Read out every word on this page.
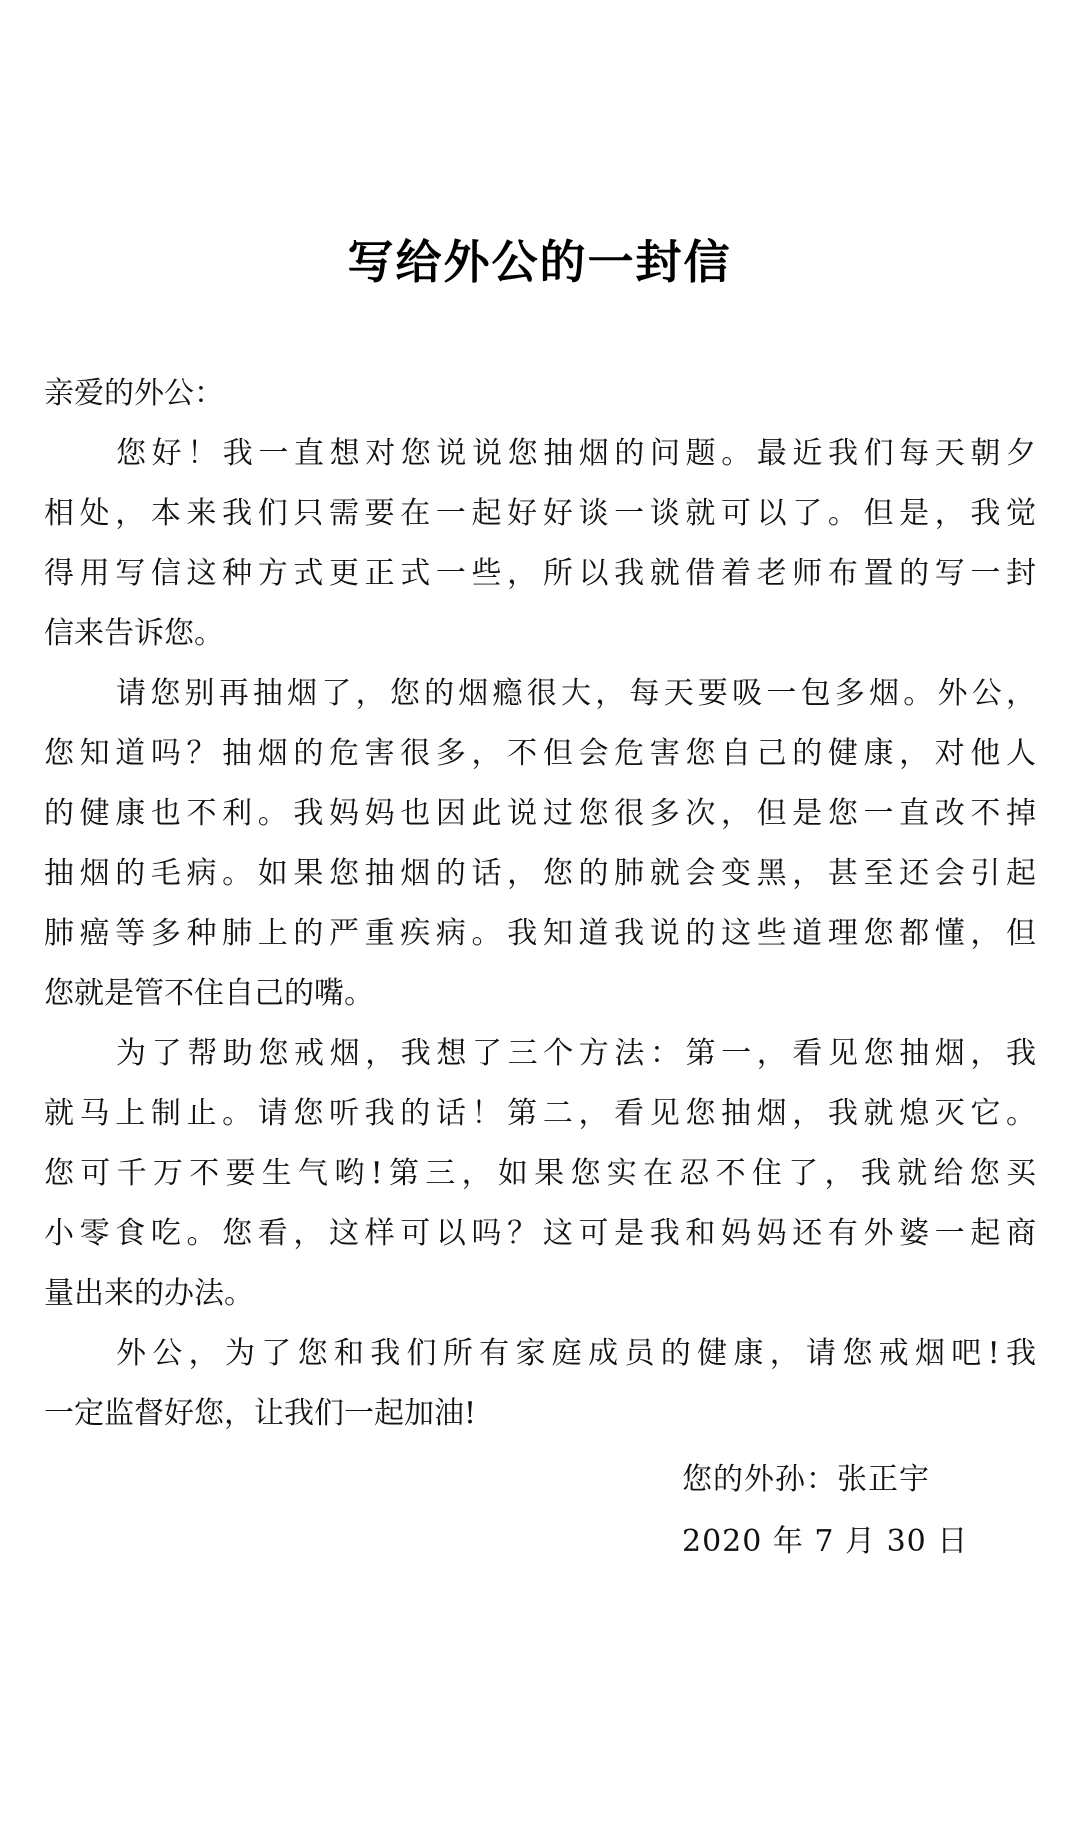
写给外公的一封信
亲爱的外公：
您好！我一直想对您说说您抽烟的问题。最近我们每天朝夕
相处，本来我们只需要在一起好好谈一谈就可以了。但是，我觉
得用写信这种方式更正式一些，所以我就借着老师布置的写一封
信来告诉您。
请您别再抽烟了，您的烟瘾很大，每天要吸一包多烟。外公，
您知道吗？抽烟的危害很多，不但会危害您自己的健康，对他人
的健康也不利。我妈妈也因此说过您很多次，但是您一直改不掉
抽烟的毛病。如果您抽烟的话，您的肺就会变黑，甚至还会引起
肺癌等多种肺上的严重疾病。我知道我说的这些道理您都懂，但
您就是管不住自己的嘴。
为了帮助您戒烟，我想了三个方法：第一，看见您抽烟，我
就马上制止。请您听我的话！第二，看见您抽烟，我就熄灭它。
您可千万不要生气哟!第三，如果您实在忍不住了，我就给您买
小零食吃。您看，这样可以吗？这可是我和妈妈还有外婆一起商
量出来的办法。
外公，为了您和我们所有家庭成员的健康，请您戒烟吧!我
一定监督好您，让我们一起加油!
您的外孙：张正宇
2020 年 7 月 30 日
